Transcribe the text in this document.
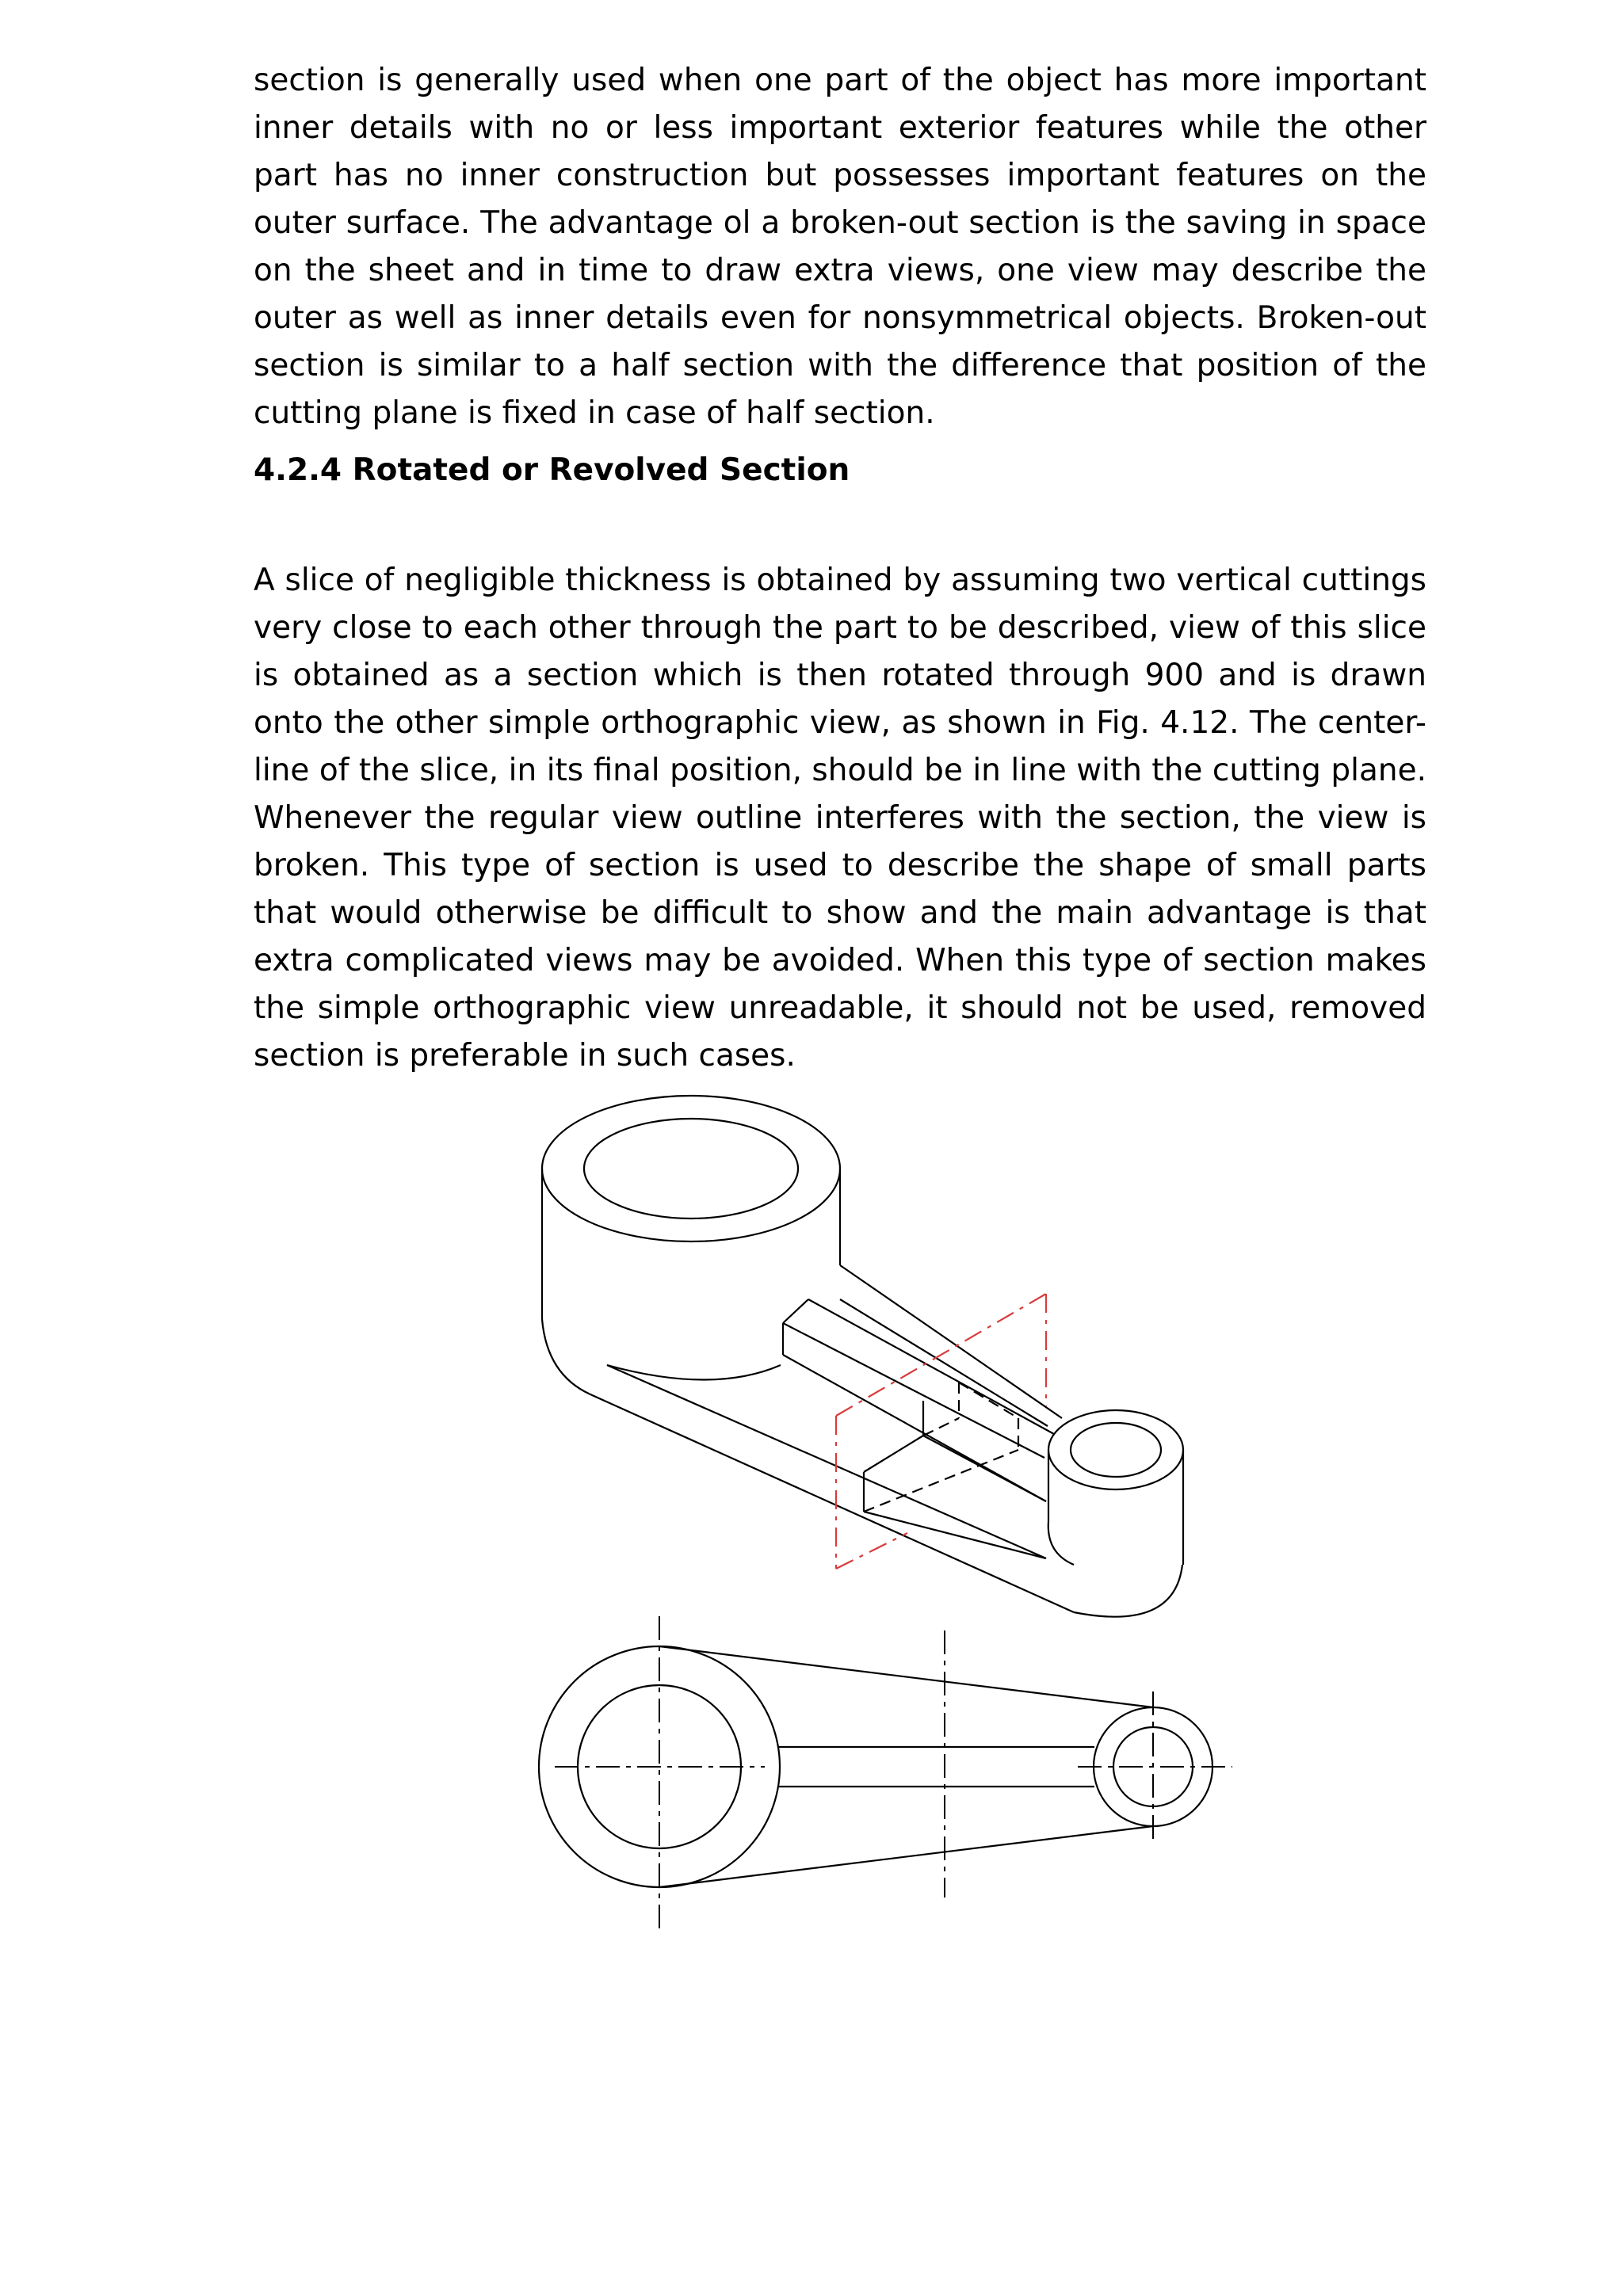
section is generally used when one part of the object has more important inner details with no or less important exterior features while the other part has no inner construction but possesses important features on the outer surface. The advantage ol a broken-out section is the saving in space on the sheet and in time to draw extra views, one view may describe the outer as well as inner details even for nonsymmetrical objects. Broken-out section is similar to a half section with the difference that position of the cutting plane is fixed in case of half section.

4.2.4 Rotated or Revolved Section

A slice of negligible thickness is obtained by assuming two vertical cuttings very close to each other through the part to be described, view of this slice is obtained as a section which is then rotated through 900 and is drawn onto the other simple orthographic view, as shown in Fig. 4.12. The center-line of the slice, in its final position, should be in line with the cutting plane. Whenever the regular view outline interferes with the section, the view is broken. This type of section is used to describe the shape of small parts that would otherwise be difficult to show and the main advantage is that extra complicated views may be avoided. When this type of section makes the simple orthographic view unreadable, it should not be used, removed section is preferable in such cases.
